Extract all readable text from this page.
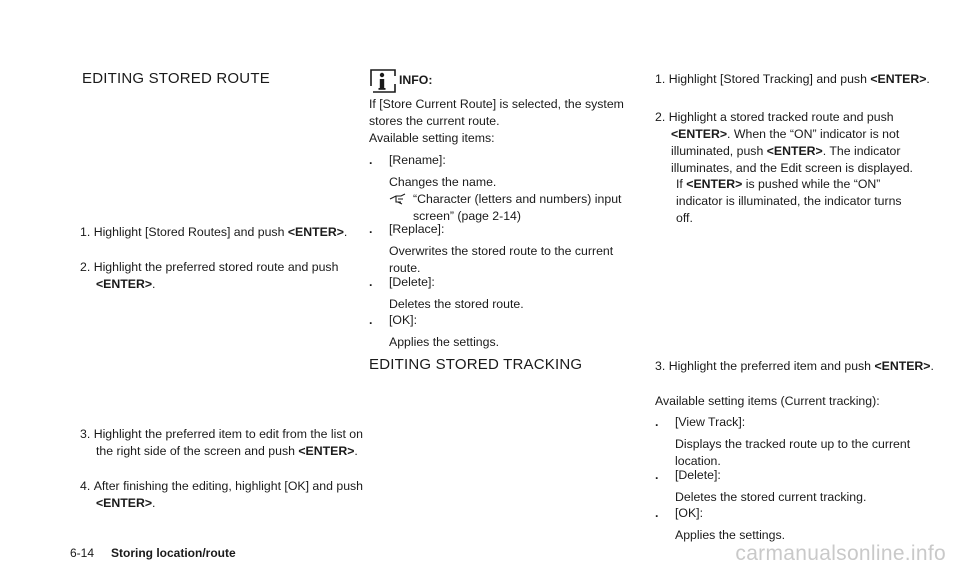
EDITING STORED ROUTE
1. Highlight [Stored Routes] and push <ENTER>.
2. Highlight the preferred stored route and push <ENTER>.
3. Highlight the preferred item to edit from the list on the right side of the screen and push <ENTER>.
4. After finishing the editing, highlight [OK] and push <ENTER>.
INFO:
If [Store Current Route] is selected, the system stores the current route.
Available setting items:
. [Rename]:
Changes the name.
“Character (letters and numbers) input screen” (page 2-14)
. [Replace]:
Overwrites the stored route to the current route.
. [Delete]:
Deletes the stored route.
. [OK]:
Applies the settings.
EDITING STORED TRACKING
1. Highlight [Stored Tracking] and push <ENTER>.
2. Highlight a stored tracked route and push <ENTER>. When the “ON” indicator is not illuminated, push <ENTER>. The indicator illuminates, and the Edit screen is displayed.
If <ENTER> is pushed while the “ON” indicator is illuminated, the indicator turns off.
3. Highlight the preferred item and push <ENTER>.
Available setting items (Current tracking):
. [View Track]:
Displays the tracked route up to the current location.
. [Delete]:
Deletes the stored current tracking.
. [OK]:
Applies the settings.
6-14 Storing location/route	carmanualsonline.info
